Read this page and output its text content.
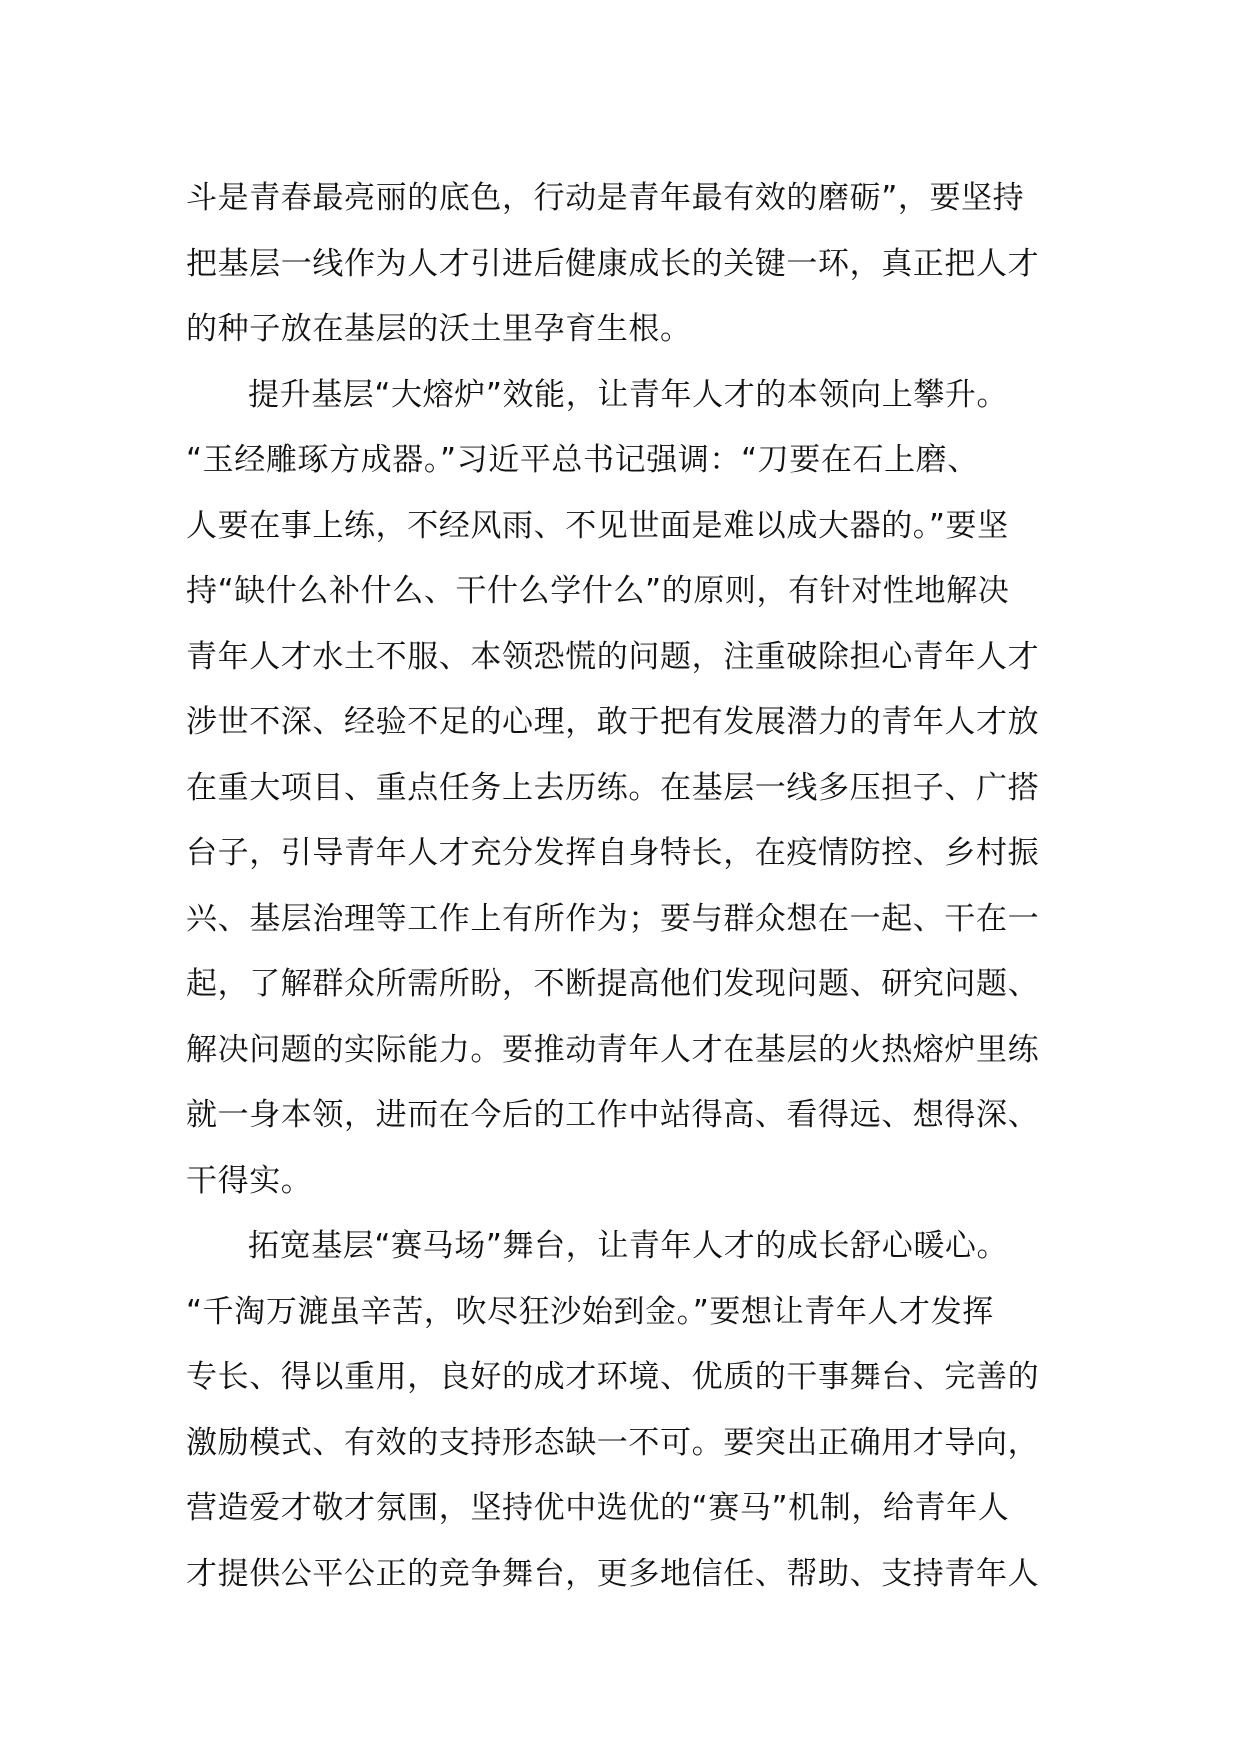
斗是青春最亮丽的底色，行动是青年最有效的磨砺”，要坚持
把基层一线作为人才引进后健康成长的关键一环，真正把人才
的种子放在基层的沃土里孕育生根。
提升基层“大熔炉”效能，让青年人才的本领向上攀升。
“玉经雕琢方成器。”习近平总书记强调：“刀要在石上磨、
人要在事上练，不经风雨、不见世面是难以成大器的。”要坚
持“缺什么补什么、干什么学什么”的原则，有针对性地解决
青年人才水土不服、本领恐慌的问题，注重破除担心青年人才
涉世不深、经验不足的心理，敢于把有发展潜力的青年人才放
在重大项目、重点任务上去历练。在基层一线多压担子、广搭
台子，引导青年人才充分发挥自身特长，在疫情防控、乡村振
兴、基层治理等工作上有所作为；要与群众想在一起、干在一
起，了解群众所需所盼，不断提高他们发现问题、研究问题、
解决问题的实际能力。要推动青年人才在基层的火热熔炉里练
就一身本领，进而在今后的工作中站得高、看得远、想得深、
干得实。
拓宽基层“赛马场”舞台，让青年人才的成长舒心暖心。
“千淘万漉虽辛苦，吹尽狂沙始到金。”要想让青年人才发挥
专长、得以重用，良好的成才环境、优质的干事舞台、完善的
激励模式、有效的支持形态缺一不可。要突出正确用才导向，
营造爱才敬才氛围，坚持优中选优的“赛马”机制，给青年人
才提供公平公正的竞争舞台，更多地信任、帮助、支持青年人
